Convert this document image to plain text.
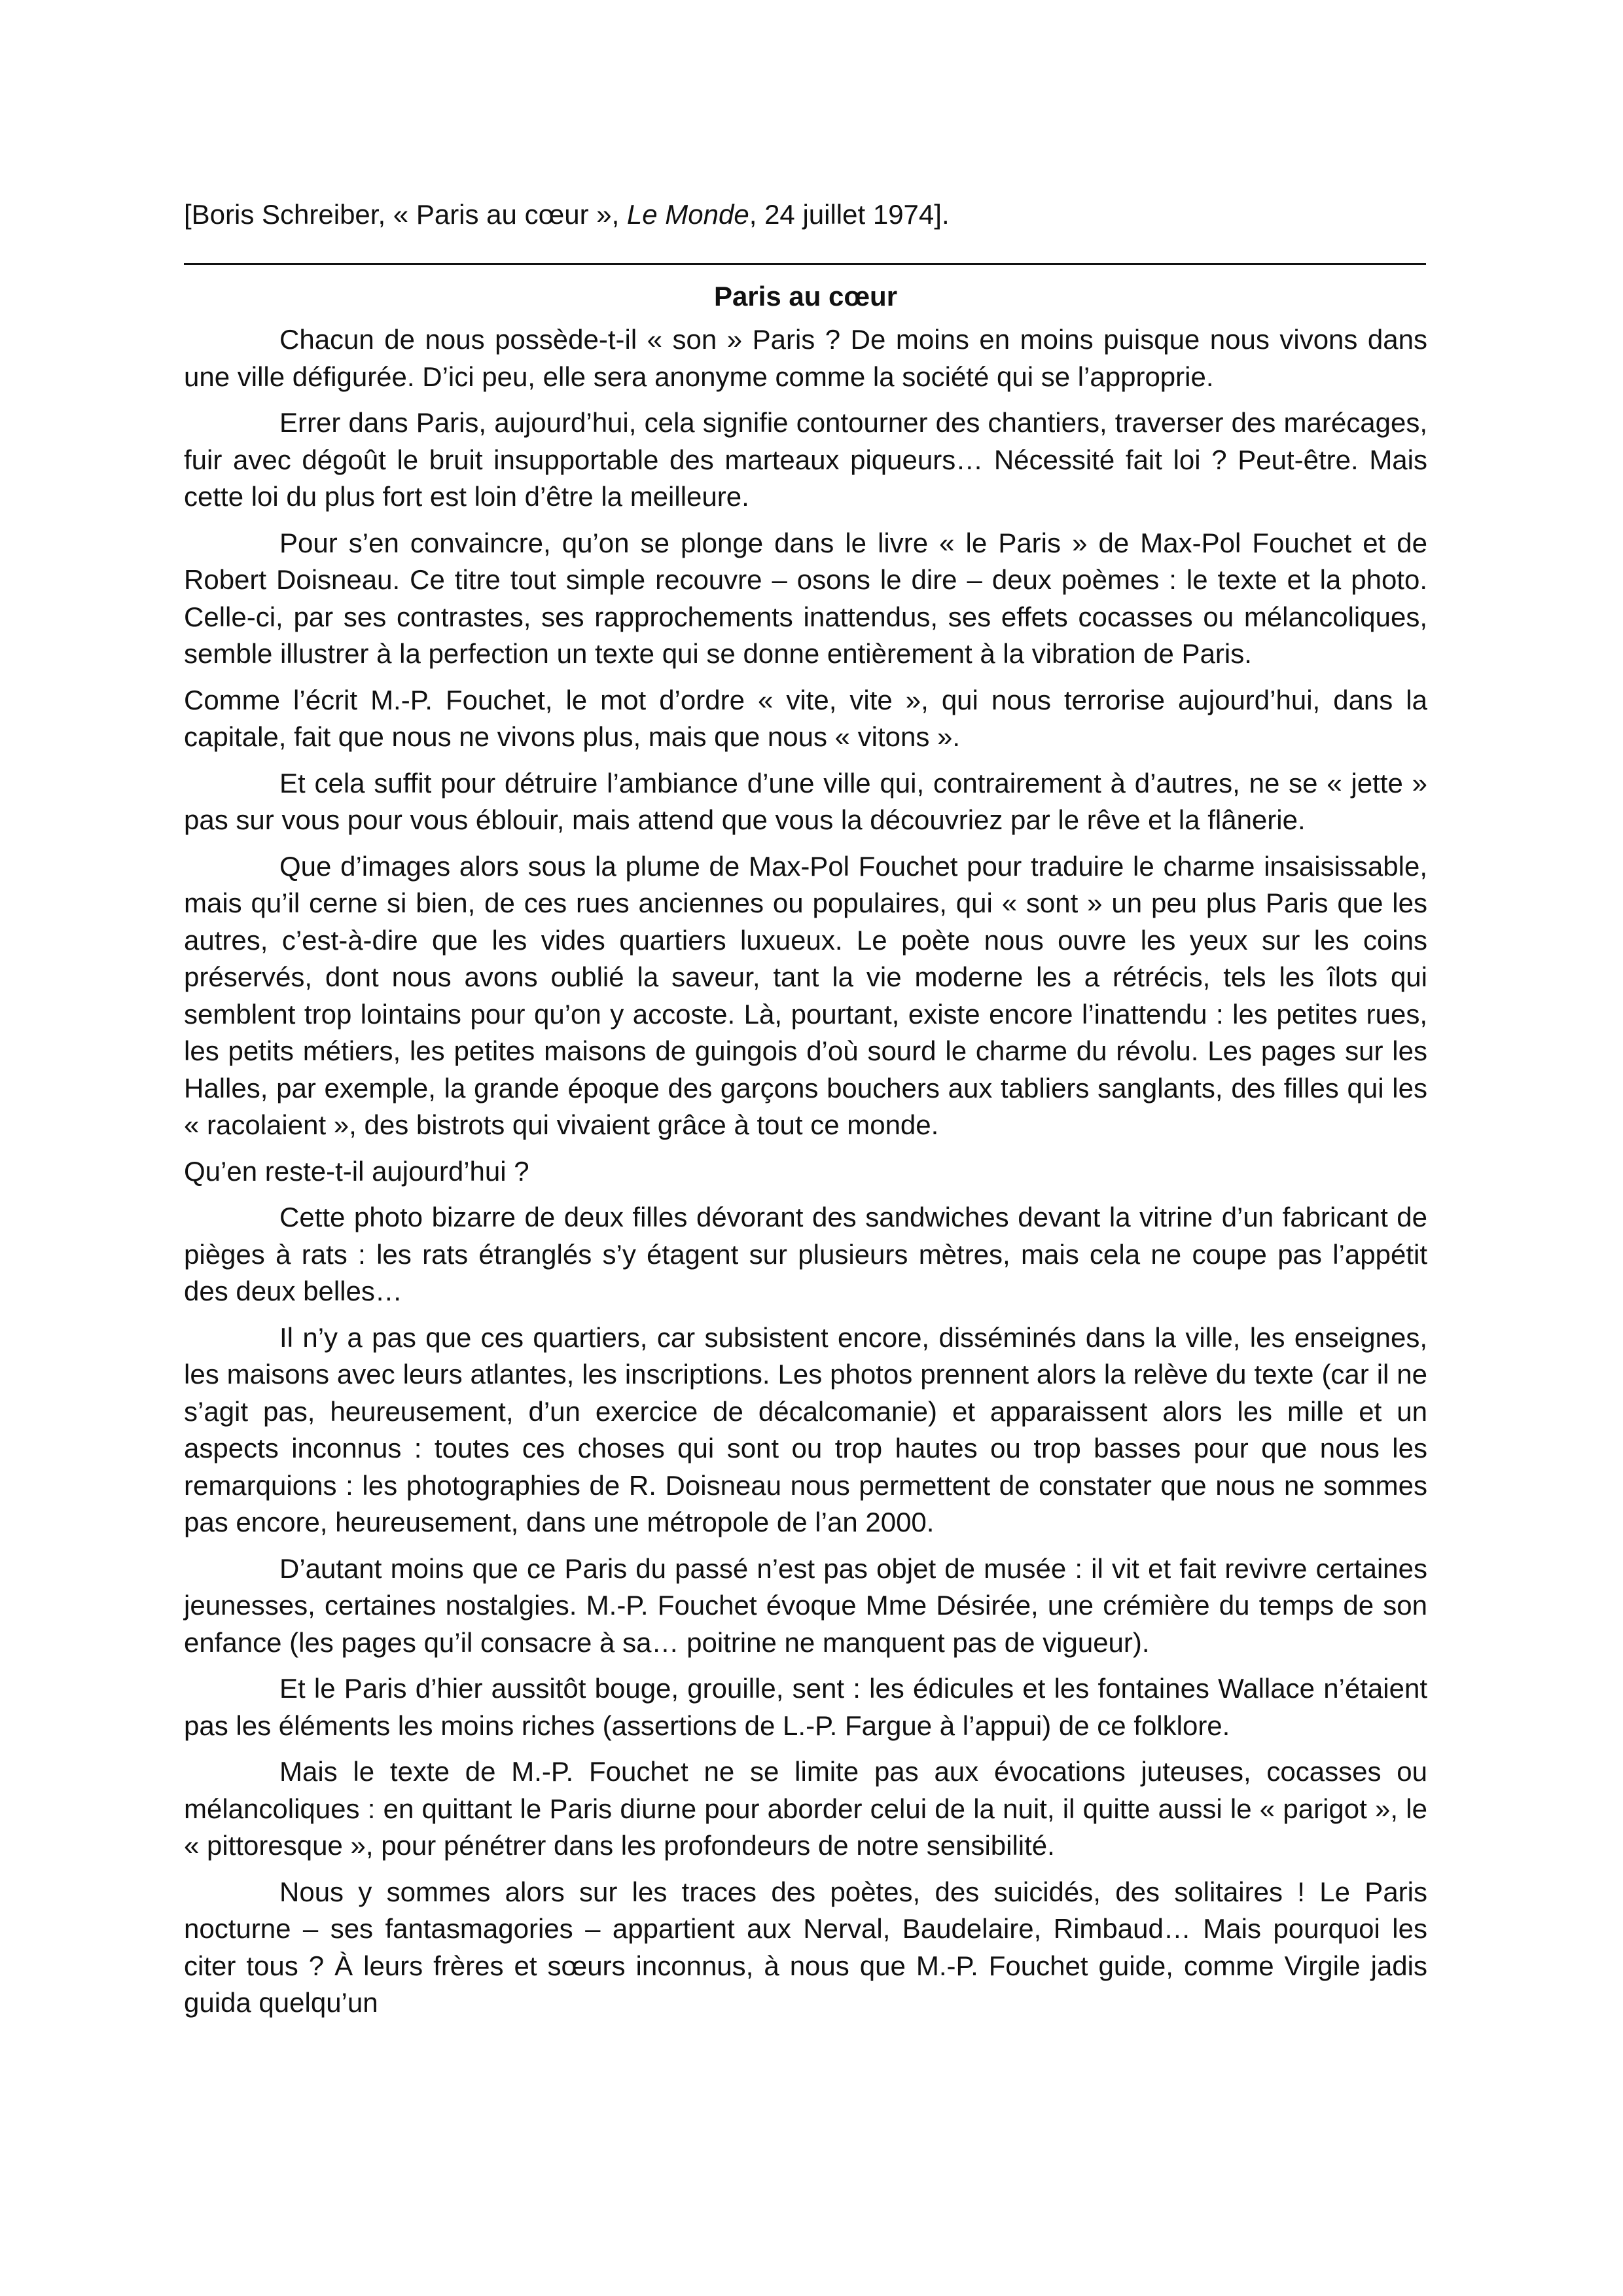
[Boris Schreiber, « Paris au cœur », Le Monde, 24 juillet 1974].
Paris au cœur

Chacun de nous possède-t-il « son » Paris ? De moins en moins puisque nous vivons dans une ville défigurée. D’ici peu, elle sera anonyme comme la société qui se l’approprie.

Errer dans Paris, aujourd’hui, cela signifie contourner des chantiers, traverser des marécages, fuir avec dégoût le bruit insupportable des marteaux piqueurs… Nécessité fait loi ? Peut-être. Mais cette loi du plus fort est loin d’être la meilleure.

Pour s’en convaincre, qu’on se plonge dans le livre « le Paris » de Max-Pol Fouchet et de Robert Doisneau. Ce titre tout simple recouvre – osons le dire – deux poèmes : le texte et la photo. Celle-ci, par ses contrastes, ses rapprochements inattendus, ses effets cocasses ou mélancoliques, semble illustrer à la perfection un texte qui se donne entièrement à la vibration de Paris.

Comme l’écrit M.-P. Fouchet, le mot d’ordre « vite, vite », qui nous terrorise aujourd’hui, dans la capitale, fait que nous ne vivons plus, mais que nous « vitons ».

Et cela suffit pour détruire l’ambiance d’une ville qui, contrairement à d’autres, ne se « jette » pas sur vous pour vous éblouir, mais attend que vous la découvriez par le rêve et la flânerie.

Que d’images alors sous la plume de Max-Pol Fouchet pour traduire le charme insaisissable, mais qu’il cerne si bien, de ces rues anciennes ou populaires, qui « sont » un peu plus Paris que les autres, c’est-à-dire que les vides quartiers luxueux. Le poète nous ouvre les yeux sur les coins préservés, dont nous avons oublié la saveur, tant la vie moderne les a rétrécis, tels les îlots qui semblent trop lointains pour qu’on y accoste. Là, pourtant, existe encore l’inattendu : les petites rues, les petits métiers, les petites maisons de guingois d’où sourd le charme du révolu. Les pages sur les Halles, par exemple, la grande époque des garçons bouchers aux tabliers sanglants, des filles qui les « racolaient », des bistrots qui vivaient grâce à tout ce monde.

Qu’en reste-t-il aujourd’hui ?

Cette photo bizarre de deux filles dévorant des sandwiches devant la vitrine d’un fabricant de pièges à rats : les rats étranglés s’y étagent sur plusieurs mètres, mais cela ne coupe pas l’appétit des deux belles…

Il n’y a pas que ces quartiers, car subsistent encore, disséminés dans la ville, les enseignes, les maisons avec leurs atlantes, les inscriptions. Les photos prennent alors la relève du texte (car il ne s’agit pas, heureusement, d’un exercice de décalcomanie) et apparaissent alors les mille et un aspects inconnus : toutes ces choses qui sont ou trop hautes ou trop basses pour que nous les remarquions : les photographies de R. Doisneau nous permettent de constater que nous ne sommes pas encore, heureusement, dans une métropole de l’an 2000.

D’autant moins que ce Paris du passé n’est pas objet de musée : il vit et fait revivre certaines jeunesses, certaines nostalgies. M.-P. Fouchet évoque Mme Désirée, une crémière du temps de son enfance (les pages qu’il consacre à sa… poitrine ne manquent pas de vigueur).

Et le Paris d’hier aussitôt bouge, grouille, sent : les édicules et les fontaines Wallace n’étaient pas les éléments les moins riches (assertions de L.-P. Fargue à l’appui) de ce folklore.

Mais le texte de M.-P. Fouchet ne se limite pas aux évocations juteuses, cocasses ou mélancoliques : en quittant le Paris diurne pour aborder celui de la nuit, il quitte aussi le « parigot », le « pittoresque », pour pénétrer dans les profondeurs de notre sensibilité.

Nous y sommes alors sur les traces des poètes, des suicidés, des solitaires ! Le Paris nocturne – ses fantasmagories – appartient aux Nerval, Baudelaire, Rimbaud… Mais pourquoi les citer tous ? À leurs frères et sœurs inconnus, à nous que M.-P. Fouchet guide, comme Virgile jadis guida quelqu’un
